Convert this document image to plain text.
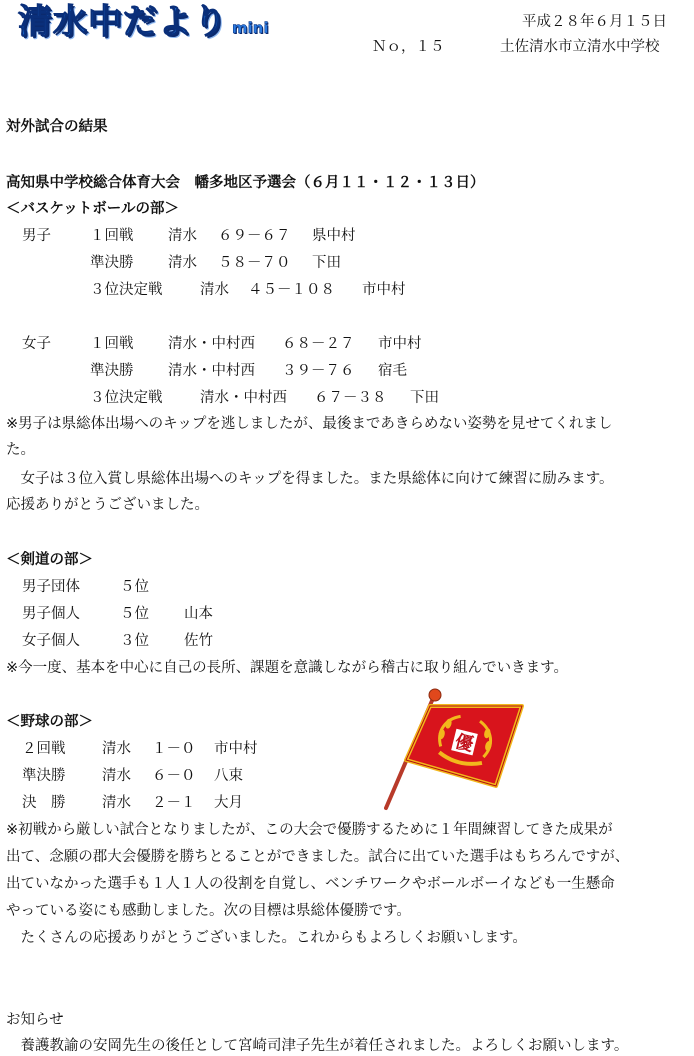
清水中だより mini	平成２８年６月１５日
Ｎｏ，１５	土佐清水市立清水中学校
対外試合の結果
高知県中学校総合体育大会　幡多地区予選会（６月１１・１２・１３日）
＜バスケットボールの部＞
男子	１回戦 清水 ６９－６７ 県中村
準決勝 清水 ５８－７０ 下田
３位決定戦	清水 ４５－１０８ 市中村
女子	１回戦 清水・中村西 ６８－２７ 市中村
準決勝 清水・中村西 ３９－７６ 宿毛
３位決定戦	清水・中村西 ６７－３８ 下田
※男子は県総体出場へのキップを逃しましたが、最後まであきらめない姿勢を見せてくれまし
た。
　女子は３位入賞し県総体出場へのキップを得ました。また県総体に向けて練習に励みます。
応援ありがとうございました。
＜剣道の部＞
男子団体	５位
男子個人	５位 山本
女子個人	３位 佐竹
※今一度、基本を中心に自己の長所、課題を意識しながら稽古に取り組んでいきます。
＜野球の部＞
２回戦	清水 １－０ 市中村
準決勝	清水 ６－０ 八束
決　勝	清水 ２－１ 大月
優
※初戦から厳しい試合となりましたが、この大会で優勝するために１年間練習してきた成果が
出て、念願の郡大会優勝を勝ちとることができました。試合に出ていた選手はもちろんですが、
出ていなかった選手も１人１人の役割を自覚し、ベンチワークやボールボーイなども一生懸命
やっている姿にも感動しました。次の目標は県総体優勝です。
　たくさんの応援ありがとうございました。これからもよろしくお願いします。
お知らせ
　養護教諭の安岡先生の後任として宮崎司津子先生が着任されました。よろしくお願いします。
